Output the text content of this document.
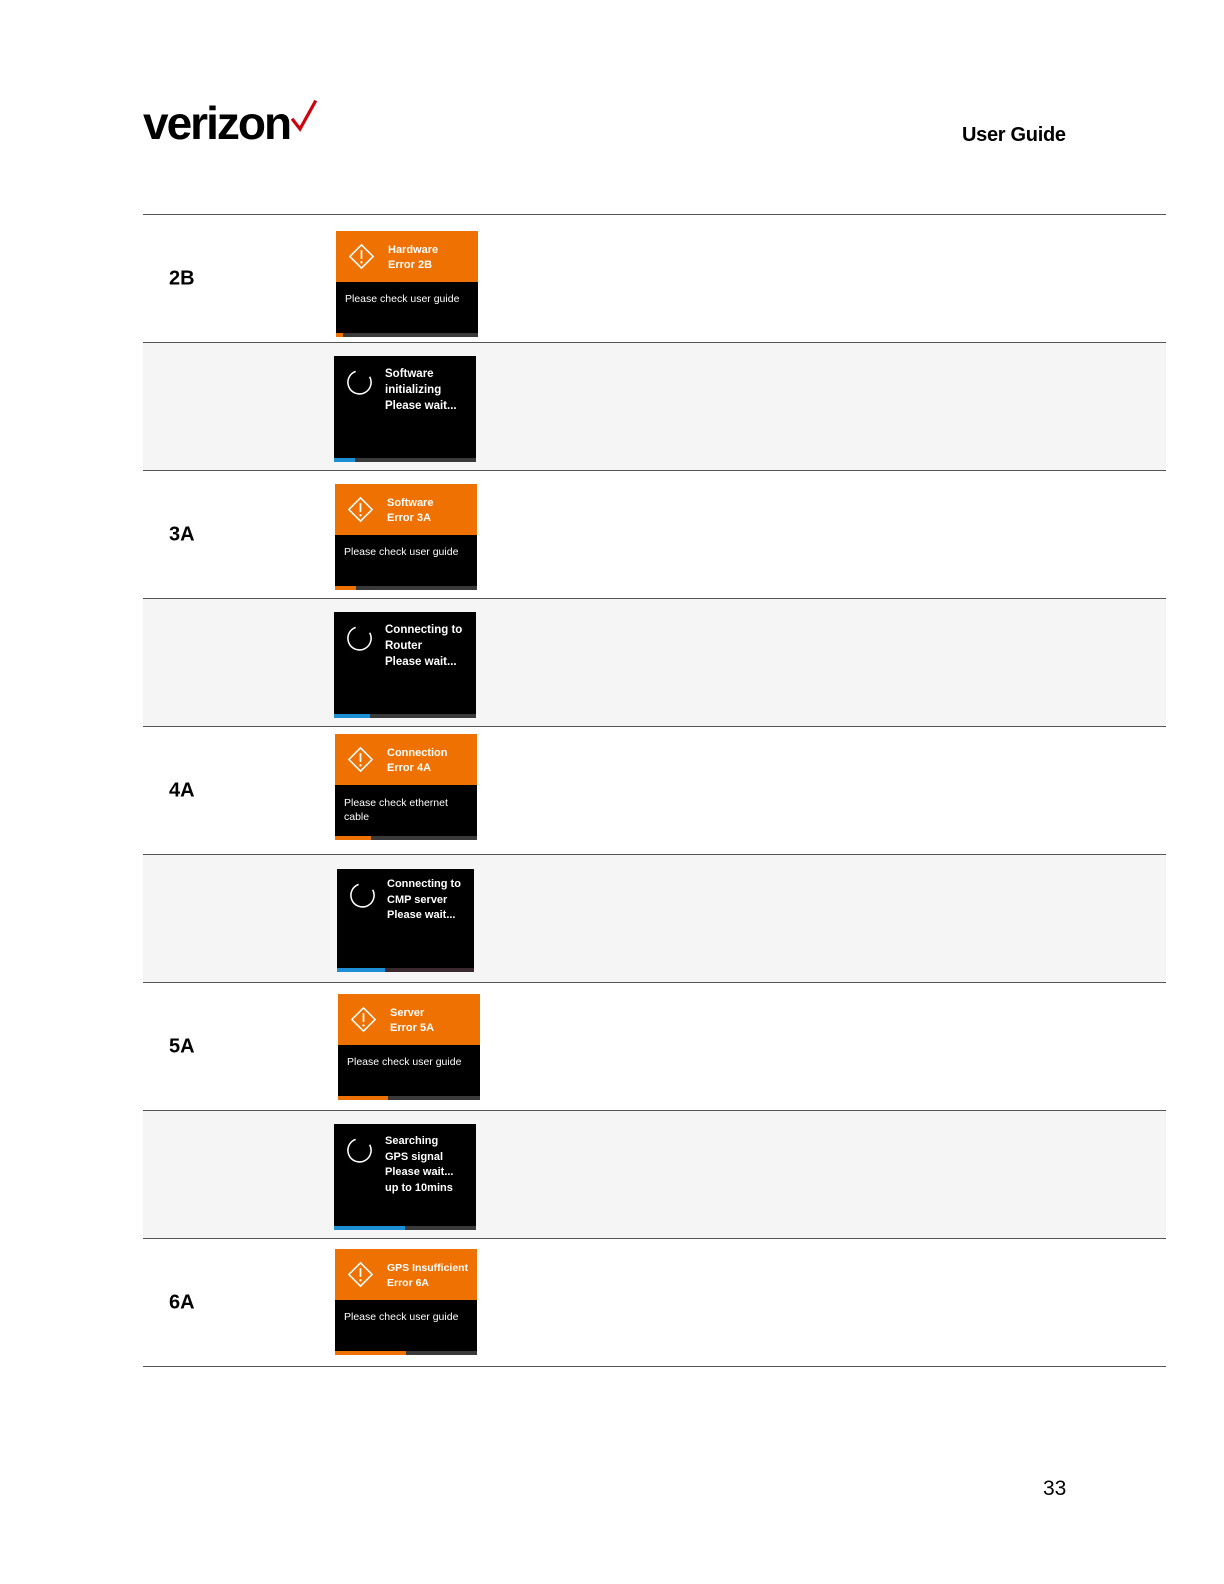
verizon	User Guide
2B
Hardware
Error 2B
Please check user guide
Software
initializing
Please wait...
3A
Software
Error 3A
Please check user guide
Connecting to
Router
Please wait...
4A
Connection
Error 4A
Please check ethernet cable
Connecting to
CMP server
Please wait...
5A
Server
Error 5A
Please check user guide
Searching
GPS signal
Please wait...
up to 10mins
6A
GPS Insufficient
Error 6A
Please check user guide
33
